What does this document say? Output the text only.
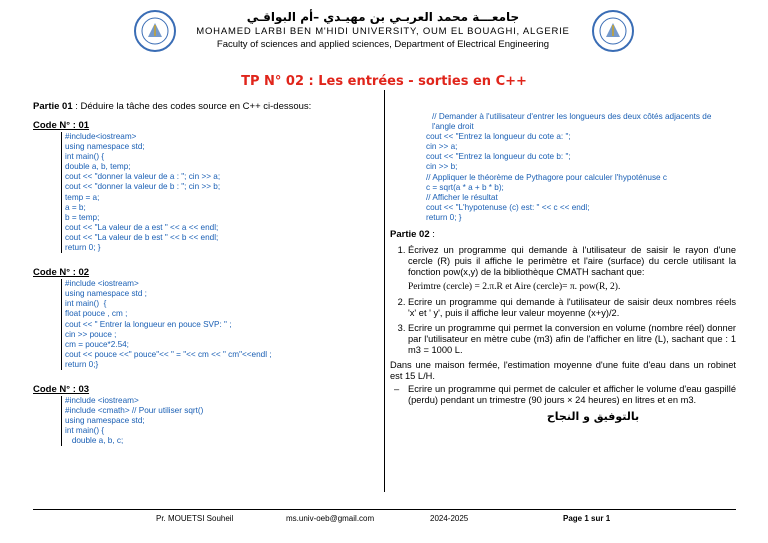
جامعـــة محمد العربـي بن مهيـدي –أم البواقـي
MOHAMED LARBI BEN M'HIDI UNIVERSITY, OUM EL BOUAGHI, ALGERIE
Faculty of sciences and applied sciences, Department of Electrical Engineering
TP N° 02 : Les entrées - sorties en C++
Partie 01 : Déduire la tâche des codes source en C++ ci-dessous:
Code N° : 01
#include<iostream>
using namespace std;
int main() {
double a, b, temp;
cout << "donner la valeur de a : "; cin >> a;
cout << "donner la valeur de b : "; cin >> b;
temp = a;
a = b;
b = temp;
cout << "La valeur de a est " << a << endl;
cout << "La valeur de b est " << b << endl;
return 0; }
Code N° : 02
#include <iostream>
using namespace std ;
int main()  {
float pouce , cm ;
cout << " Entrer la longueur en pouce SVP: " ;
cin >> pouce ;
cm = pouce*2.54;
cout << pouce <<" pouce"<< " = "<< cm << " cm"<<endl ;
return 0;}
Code N° : 03
#include <iostream>
#include <cmath> // Pour utiliser sqrt()
using namespace std;
int main() {
double a, b, c;
// Demander à l'utilisateur d'entrer les longueurs des deux côtés adjacents de l'angle droit
cout << "Entrez la longueur du cote a: ";
cin >> a;
cout << "Entrez la longueur du cote b: ";
cin >> b;
// Appliquer le théorème de Pythagore pour calculer l'hypoténuse c
c = sqrt(a * a + b * b);
// Afficher le résultat
cout << "L'hypotenuse (c) est: " << c << endl;
return 0; }
Partie 02 :
1. Écrivez un programme qui demande à l'utilisateur de saisir le rayon d'une cercle (R) puis il affiche le perimètre et l'aire (surface) du cercle utilisant la fonction pow(x,y) de la bibliothèque CMATH sachant que:
Perimtre (cercle) = 2.π.R et Aire (cercle)= π. pow(R, 2).
2. Ecrire un programme qui demande à l'utilisateur de saisir deux nombres réels 'x' et ' y', puis il affiche leur valeur moyenne (x+y)/2.
3. Ecrire un programme qui permet la conversion en volume (nombre réel) donner par l'utilisateur en mètre cube (m3) afin de l'afficher en litre (L), sachant que : 1 m3 = 1000 L.
Dans une maison fermée, l'estimation moyenne d'une fuite d'eau dans un robinet est 15 L/H.
– Ecrire un programme qui permet de calculer et afficher le volume d'eau gaspillé (perdu) pendant un trimestre (90 jours × 24 heures) en litres et en m3.
بالتوفيق و النجاح
Pr. MOUETSI Souheil	ms.univ-oeb@gmail.com	2024-2025	Page 1 sur 1
